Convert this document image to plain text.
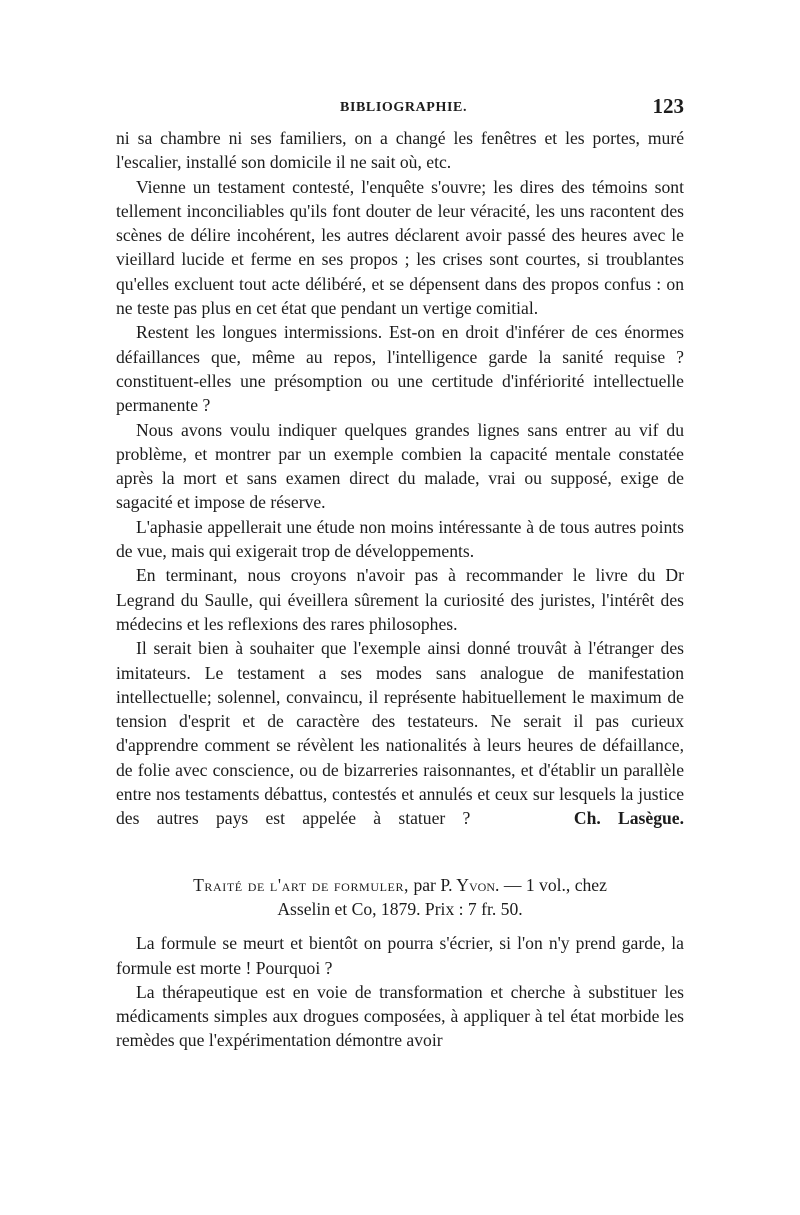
BIBLIOGRAPHIE.	123

ni sa chambre ni ses familiers, on a changé les fenêtres et les portes, muré l'escalier, installé son domicile il ne sait où, etc.

Vienne un testament contesté, l'enquête s'ouvre; les dires des témoins sont tellement inconciliables qu'ils font douter de leur véracité, les uns racontent des scènes de délire incohérent, les autres déclarent avoir passé des heures avec le vieillard lucide et ferme en ses propos ; les crises sont courtes, si troublantes qu'elles excluent tout acte délibéré, et se dépensent dans des propos confus : on ne teste pas plus en cet état que pendant un vertige comitial.

Restent les longues intermissions. Est-on en droit d'inférer de ces énormes défaillances que, même au repos, l'intelligence garde la sanité requise ? constituent-elles une présomption ou une certitude d'infériorité intellectuelle permanente ?

Nous avons voulu indiquer quelques grandes lignes sans entrer au vif du problème, et montrer par un exemple combien la capacité mentale constatée après la mort et sans examen direct du malade, vrai ou supposé, exige de sagacité et impose de réserve.

L'aphasie appellerait une étude non moins intéressante à de tous autres points de vue, mais qui exigerait trop de développements.

En terminant, nous croyons n'avoir pas à recommander le livre du Dr Legrand du Saulle, qui éveillera sûrement la curiosité des juristes, l'intérêt des médecins et les reflexions des rares philosophes.

Il serait bien à souhaiter que l'exemple ainsi donné trouvât à l'étranger des imitateurs. Le testament a ses modes sans analogue de manifestation intellectuelle; solennel, convaincu, il représente habituellement le maximum de tension d'esprit et de caractère des testateurs. Ne serait il pas curieux d'apprendre comment se révèlent les nationalités à leurs heures de défaillance, de folie avec conscience, ou de bizarreries raisonnantes, et d'établir un parallèle entre nos testaments débattus, contestés et annulés et ceux sur lesquels la justice des autres pays est appelée à statuer ?	Ch. Lasègue.

Traité de l'art de formuler, par P. Yvon. — 1 vol., chez
Asselin et Co, 1879. Prix : 7 fr. 50.

La formule se meurt et bientôt on pourra s'écrier, si l'on n'y prend garde, la formule est morte ! Pourquoi ?

La thérapeutique est en voie de transformation et cherche à substituer les médicaments simples aux drogues composées, à appliquer à tel état morbide les remèdes que l'expérimentation démontre avoir
